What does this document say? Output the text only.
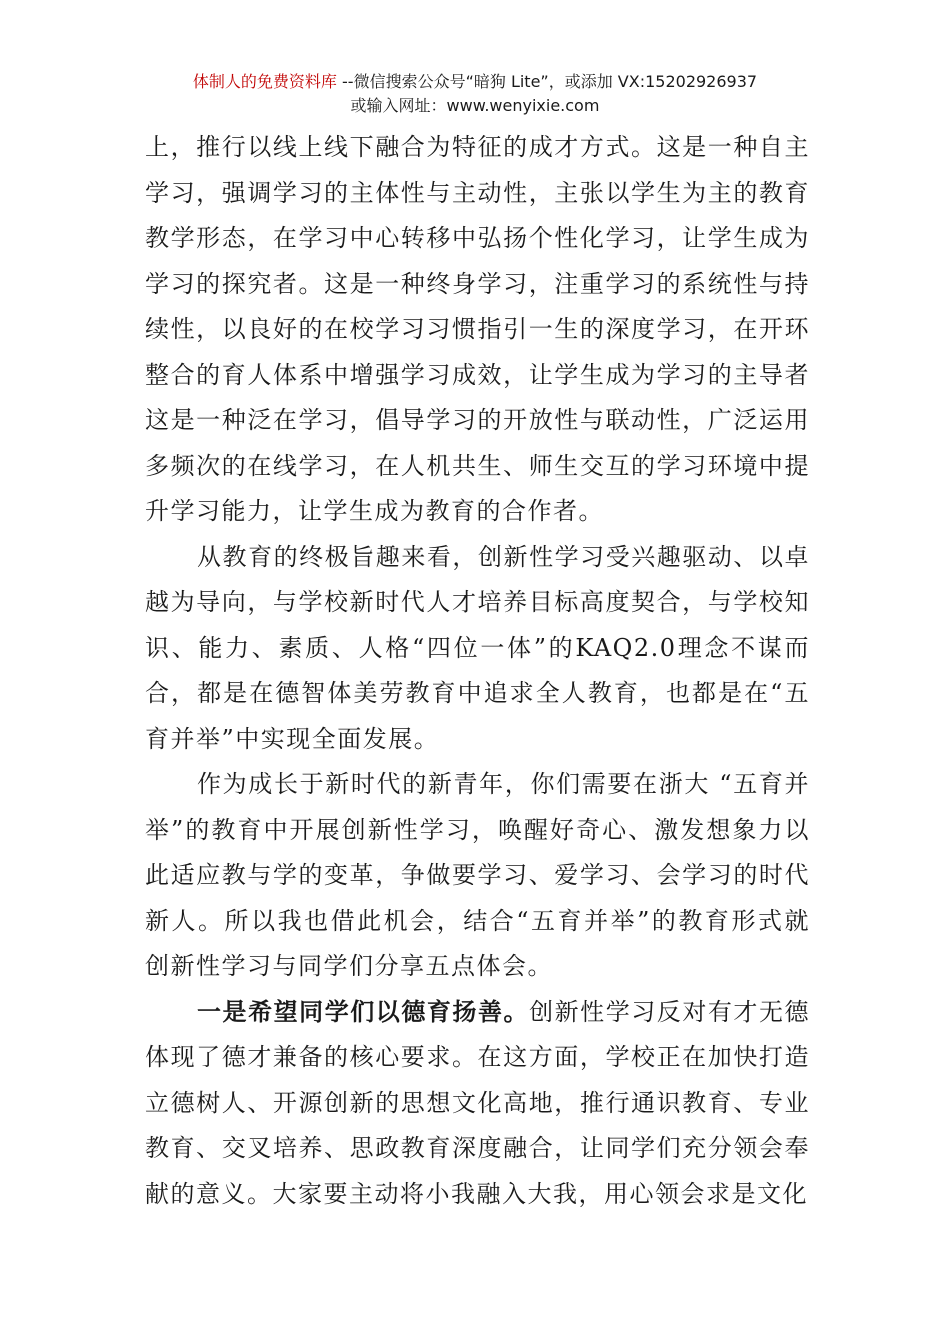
体制人的免费资料库 --微信搜索公众号“暗狗 Lite”，或添加 VX:15202926937
或输入网址：www.wenyixie.com

上，推行以线上线下融合为特征的成才方式。这是一种自主学习，强调学习的主体性与主动性，主张以学生为主的教育教学形态，在学习中心转移中弘扬个性化学习，让学生成为学习的探究者。这是一种终身学习，注重学习的系统性与持续性，以良好的在校学习习惯指引一生的深度学习，在开环整合的育人体系中增强学习成效，让学生成为学习的主导者这是一种泛在学习，倡导学习的开放性与联动性，广泛运用多频次的在线学习，在人机共生、师生交互的学习环境中提升学习能力，让学生成为教育的合作者。

从教育的终极旨趣来看，创新性学习受兴趣驱动、以卓越为导向，与学校新时代人才培养目标高度契合，与学校知识、能力、素质、人格“四位一体”的KAQ2.0理念不谋而合，都是在德智体美劳教育中追求全人教育，也都是在“五育并举”中实现全面发展。

作为成长于新时代的新青年，你们需要在浙大 “五育并举”的教育中开展创新性学习，唤醒好奇心、激发想象力以此适应教与学的变革，争做要学习、爱学习、会学习的时代新人。所以我也借此机会，结合“五育并举”的教育形式就创新性学习与同学们分享五点体会。

一是希望同学们以德育扬善。创新性学习反对有才无德体现了德才兼备的核心要求。在这方面，学校正在加快打造立德树人、开源创新的思想文化高地，推行通识教育、专业教育、交叉培养、思政教育深度融合，让同学们充分领会奉献的意义。大家要主动将小我融入大我，用心领会求是文化
